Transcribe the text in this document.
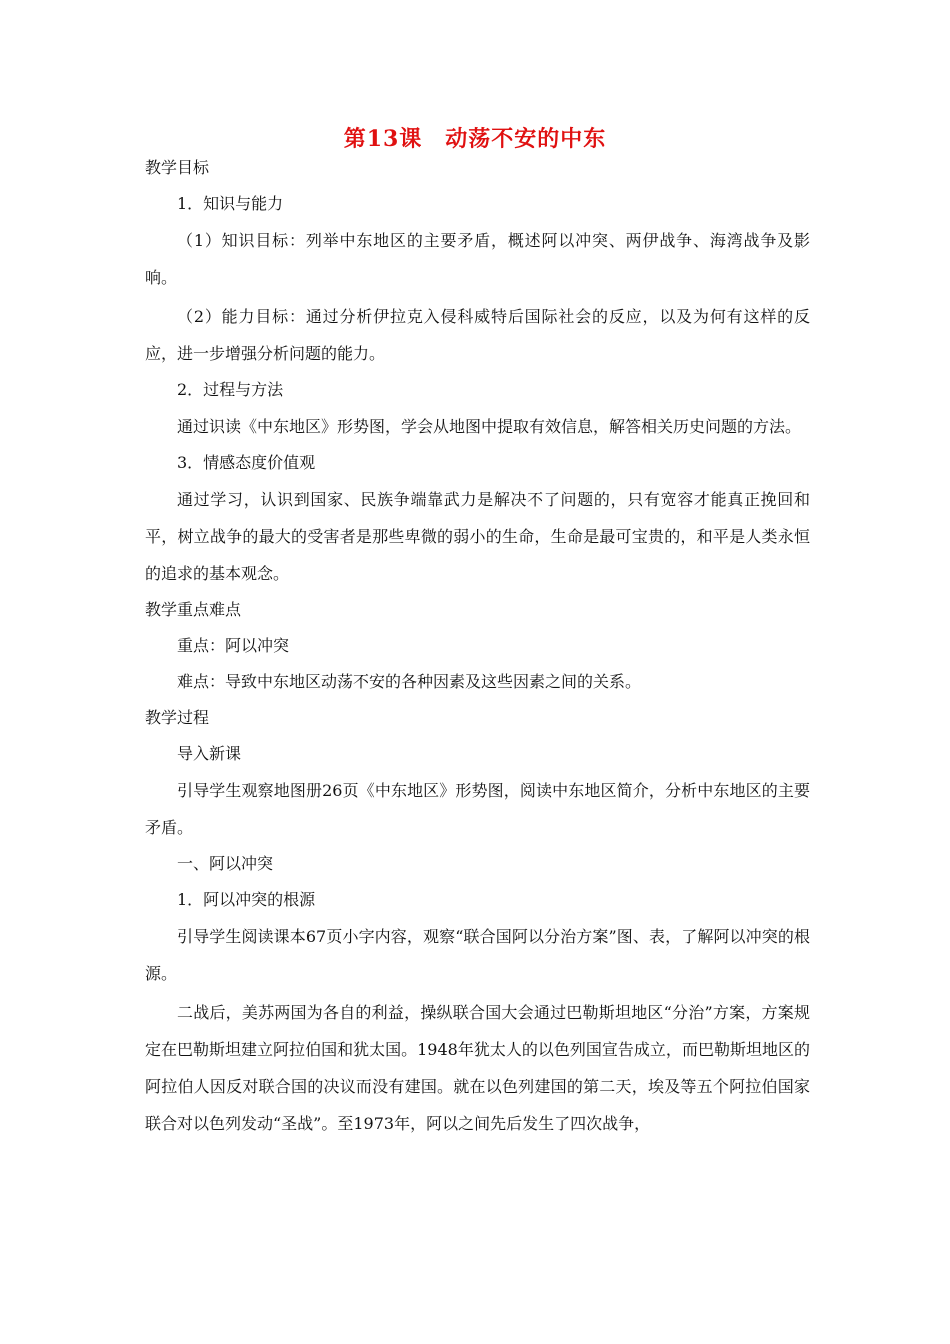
第13课　动荡不安的中东

教学目标

1．知识与能力

（1）知识目标：列举中东地区的主要矛盾，概述阿以冲突、两伊战争、海湾战争及影响。

（2）能力目标：通过分析伊拉克入侵科威特后国际社会的反应，以及为何有这样的反应，进一步增强分析问题的能力。

2．过程与方法

通过识读《中东地区》形势图，学会从地图中提取有效信息，解答相关历史问题的方法。

3．情感态度价值观

通过学习，认识到国家、民族争端靠武力是解决不了问题的，只有宽容才能真正挽回和平，树立战争的最大的受害者是那些卑微的弱小的生命，生命是最可宝贵的，和平是人类永恒的追求的基本观念。

教学重点难点

重点：阿以冲突

难点：导致中东地区动荡不安的各种因素及这些因素之间的关系。

教学过程

导入新课

引导学生观察地图册26页《中东地区》形势图，阅读中东地区简介，分析中东地区的主要矛盾。

一、阿以冲突

1．阿以冲突的根源

引导学生阅读课本67页小字内容，观察“联合国阿以分治方案”图、表，了解阿以冲突的根源。

二战后，美苏两国为各自的利益，操纵联合国大会通过巴勒斯坦地区“分治”方案，方案规定在巴勒斯坦建立阿拉伯国和犹太国。1948年犹太人的以色列国宣告成立，而巴勒斯坦地区的阿拉伯人因反对联合国的决议而没有建国。就在以色列建国的第二天，埃及等五个阿拉伯国家联合对以色列发动“圣战”。至1973年，阿以之间先后发生了四次战争，
